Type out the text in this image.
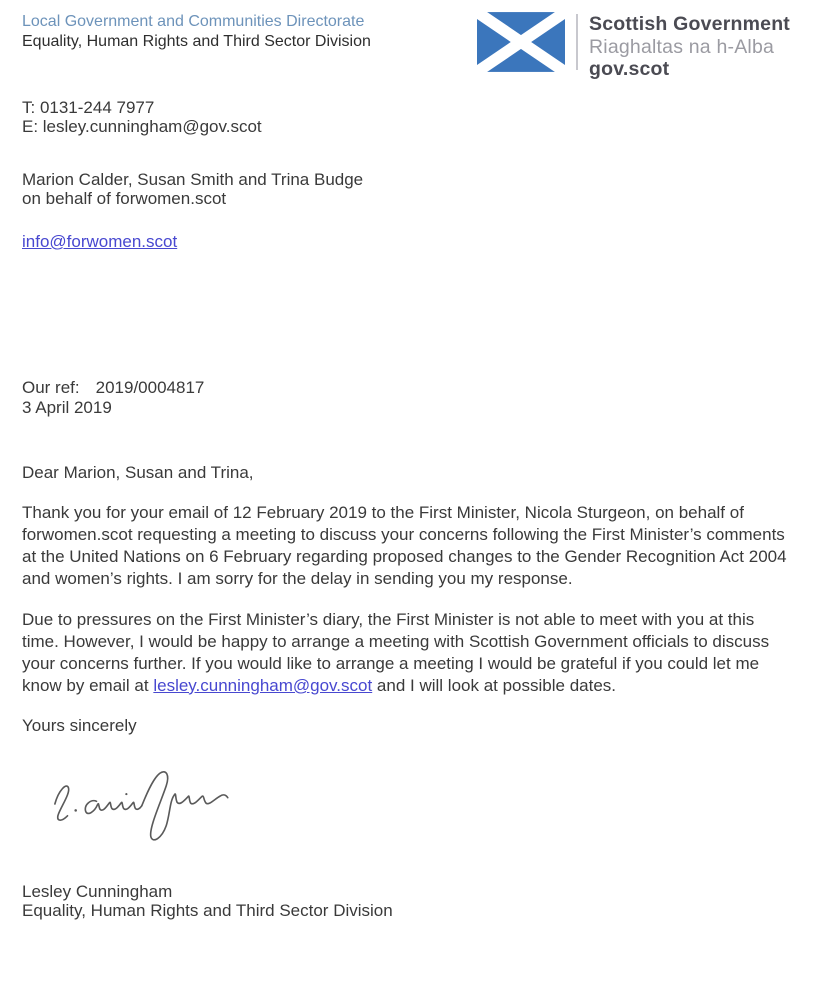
Local Government and Communities Directorate
Equality, Human Rights and Third Sector Division
Scottish Government
Riaghaltas na h-Alba
gov.scot
T: 0131-244 7977
E: lesley.cunningham@gov.scot
Marion Calder, Susan Smith and Trina Budge
on behalf of forwomen.scot
info@forwomen.scot
Our ref: 2019/0004817
3 April 2019
Dear Marion, Susan and Trina,

Thank you for your email of 12 February 2019 to the First Minister, Nicola Sturgeon, on behalf of forwomen.scot requesting a meeting to discuss your concerns following the First Minister’s comments at the United Nations on 6 February regarding proposed changes to the Gender Recognition Act 2004 and women’s rights. I am sorry for the delay in sending you my response.

Due to pressures on the First Minister’s diary, the First Minister is not able to meet with you at this time. However, I would be happy to arrange a meeting with Scottish Government officials to discuss your concerns further. If you would like to arrange a meeting I would be grateful if you could let me know by email at lesley.cunningham@gov.scot and I will look at possible dates.

Yours sincerely
Lesley Cunningham
Equality, Human Rights and Third Sector Division
